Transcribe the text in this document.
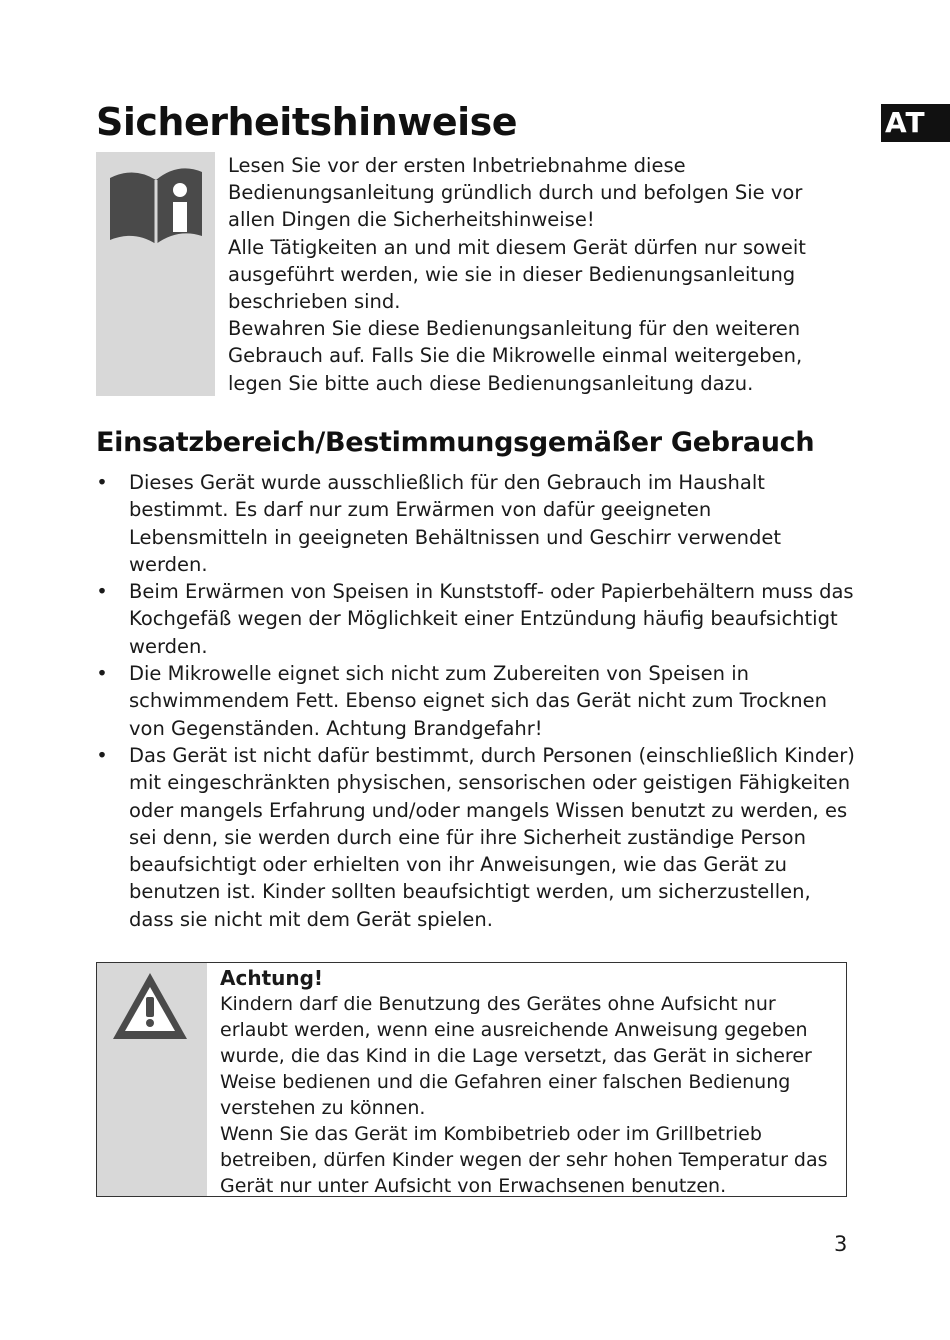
AT
Sicherheitshinweise

Lesen Sie vor der ersten Inbetriebnahme diese Bedienungsanleitung gründlich durch und befolgen Sie vor allen Dingen die Sicherheitshinweise!

Alle Tätigkeiten an und mit diesem Gerät dürfen nur soweit ausgeführt werden, wie sie in dieser Bedienungsanleitung beschrieben sind.

Bewahren Sie diese Bedienungsanleitung für den weiteren Gebrauch auf. Falls Sie die Mikrowelle einmal weitergeben, legen Sie bitte auch diese Bedienungsanleitung dazu.

Einsatzbereich/Bestimmungsgemäßer Gebrauch
• Dieses Gerät wurde ausschließlich für den Gebrauch im Haushalt bestimmt. Es darf nur zum Erwärmen von dafür geeigneten Lebensmitteln in geeigneten Behältnissen und Geschirr verwendet werden.
• Beim Erwärmen von Speisen in Kunststoff- oder Papierbehältern muss das Kochgefäß wegen der Möglichkeit einer Entzündung häufig beaufsichtigt werden.
• Die Mikrowelle eignet sich nicht zum Zubereiten von Speisen in schwimmendem Fett. Ebenso eignet sich das Gerät nicht zum Trocknen von Gegenständen. Achtung Brandgefahr!
• Das Gerät ist nicht dafür bestimmt, durch Personen (einschließlich Kinder) mit eingeschränkten physischen, sensorischen oder geistigen Fähigkeiten oder mangels Erfahrung und/oder mangels Wissen benutzt zu werden, es sei denn, sie werden durch eine für ihre Sicherheit zuständige Person beaufsichtigt oder erhielten von ihr Anweisungen, wie das Gerät zu benutzen ist. Kinder sollten beaufsichtigt werden, um sicherzustellen, dass sie nicht mit dem Gerät spielen.

Achtung!

Kindern darf die Benutzung des Gerätes ohne Aufsicht nur erlaubt werden, wenn eine ausreichende Anweisung gegeben wurde, die das Kind in die Lage versetzt, das Gerät in sicherer Weise bedienen und die Gefahren einer falschen Bedienung verstehen zu können.

Wenn Sie das Gerät im Kombibetrieb oder im Grillbetrieb betreiben, dürfen Kinder wegen der sehr hohen Temperatur das Gerät nur unter Aufsicht von Erwachsenen benutzen.

3
